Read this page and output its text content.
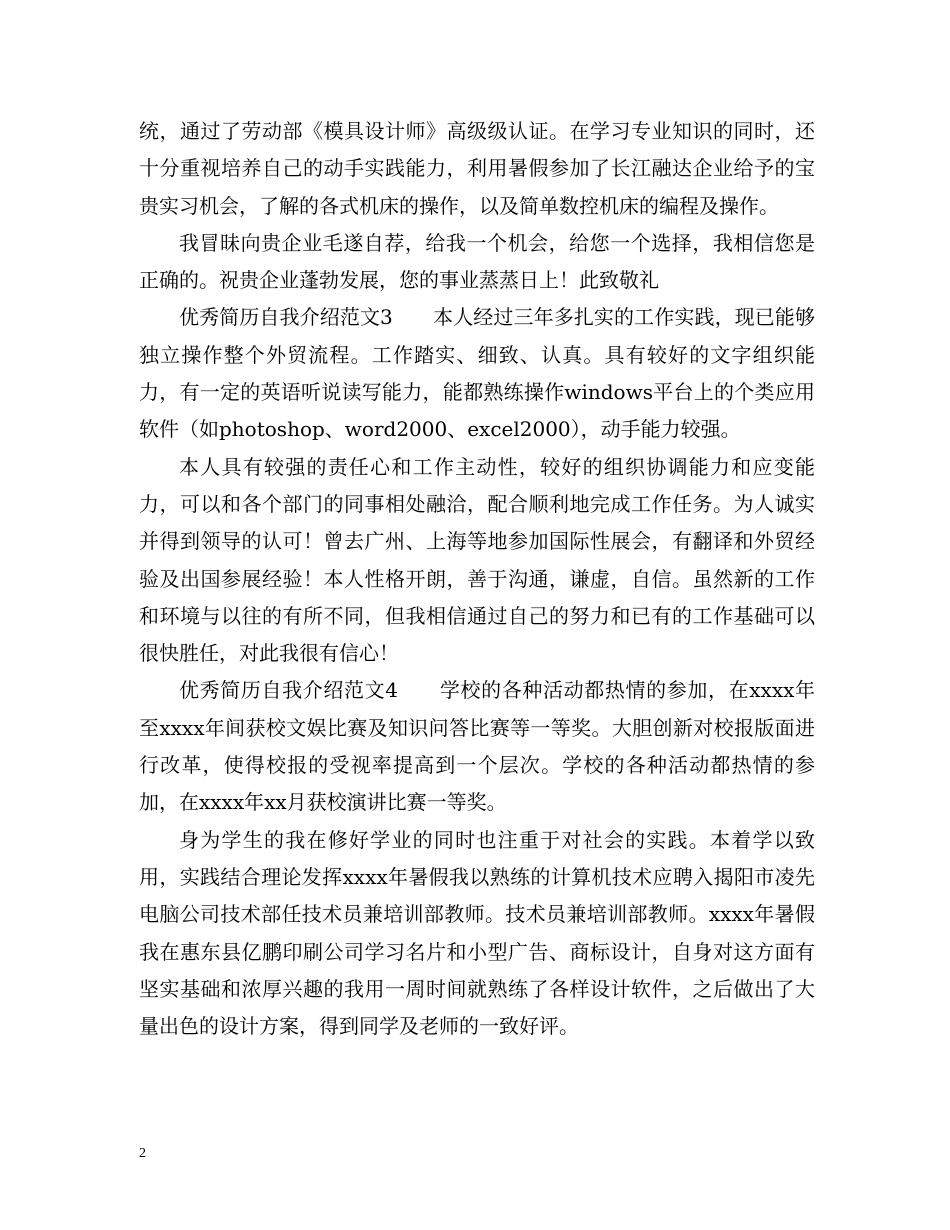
统，通过了劳动部《模具设计师》高级级认证。在学习专业知识的同时，还十分重视培养自己的动手实践能力，利用暑假参加了长江融达企业给予的宝贵实习机会，了解的各式机床的操作，以及简单数控机床的编程及操作。

我冒昧向贵企业毛遂自荐，给我一个机会，给您一个选择，我相信您是正确的。祝贵企业蓬勃发展，您的事业蒸蒸日上！此致敬礼

优秀简历自我介绍范文3　　本人经过三年多扎实的工作实践，现已能够独立操作整个外贸流程。工作踏实、细致、认真。具有较好的文字组织能力，有一定的英语听说读写能力，能都熟练操作windows平台上的个类应用软件（如photoshop、word2000、excel2000），动手能力较强。

本人具有较强的责任心和工作主动性，较好的组织协调能力和应变能力，可以和各个部门的同事相处融洽，配合顺利地完成工作任务。为人诚实并得到领导的认可！曾去广州、上海等地参加国际性展会，有翻译和外贸经验及出国参展经验！本人性格开朗，善于沟通，谦虚，自信。虽然新的工作和环境与以往的有所不同，但我相信通过自己的努力和已有的工作基础可以很快胜任，对此我很有信心！

优秀简历自我介绍范文4　　学校的各种活动都热情的参加，在xxxx年至xxxx年间获校文娱比赛及知识问答比赛等一等奖。大胆创新对校报版面进行改革，使得校报的受视率提高到一个层次。学校的各种活动都热情的参加，在xxxx年xx月获校演讲比赛一等奖。

身为学生的我在修好学业的同时也注重于对社会的实践。本着学以致用，实践结合理论发挥xxxx年暑假我以熟练的计算机技术应聘入揭阳市凌先电脑公司技术部任技术员兼培训部教师。技术员兼培训部教师。xxxx年暑假我在惠东县亿鹏印刷公司学习名片和小型广告、商标设计，自身对这方面有坚实基础和浓厚兴趣的我用一周时间就熟练了各样设计软件，之后做出了大量出色的设计方案，得到同学及老师的一致好评。

2
